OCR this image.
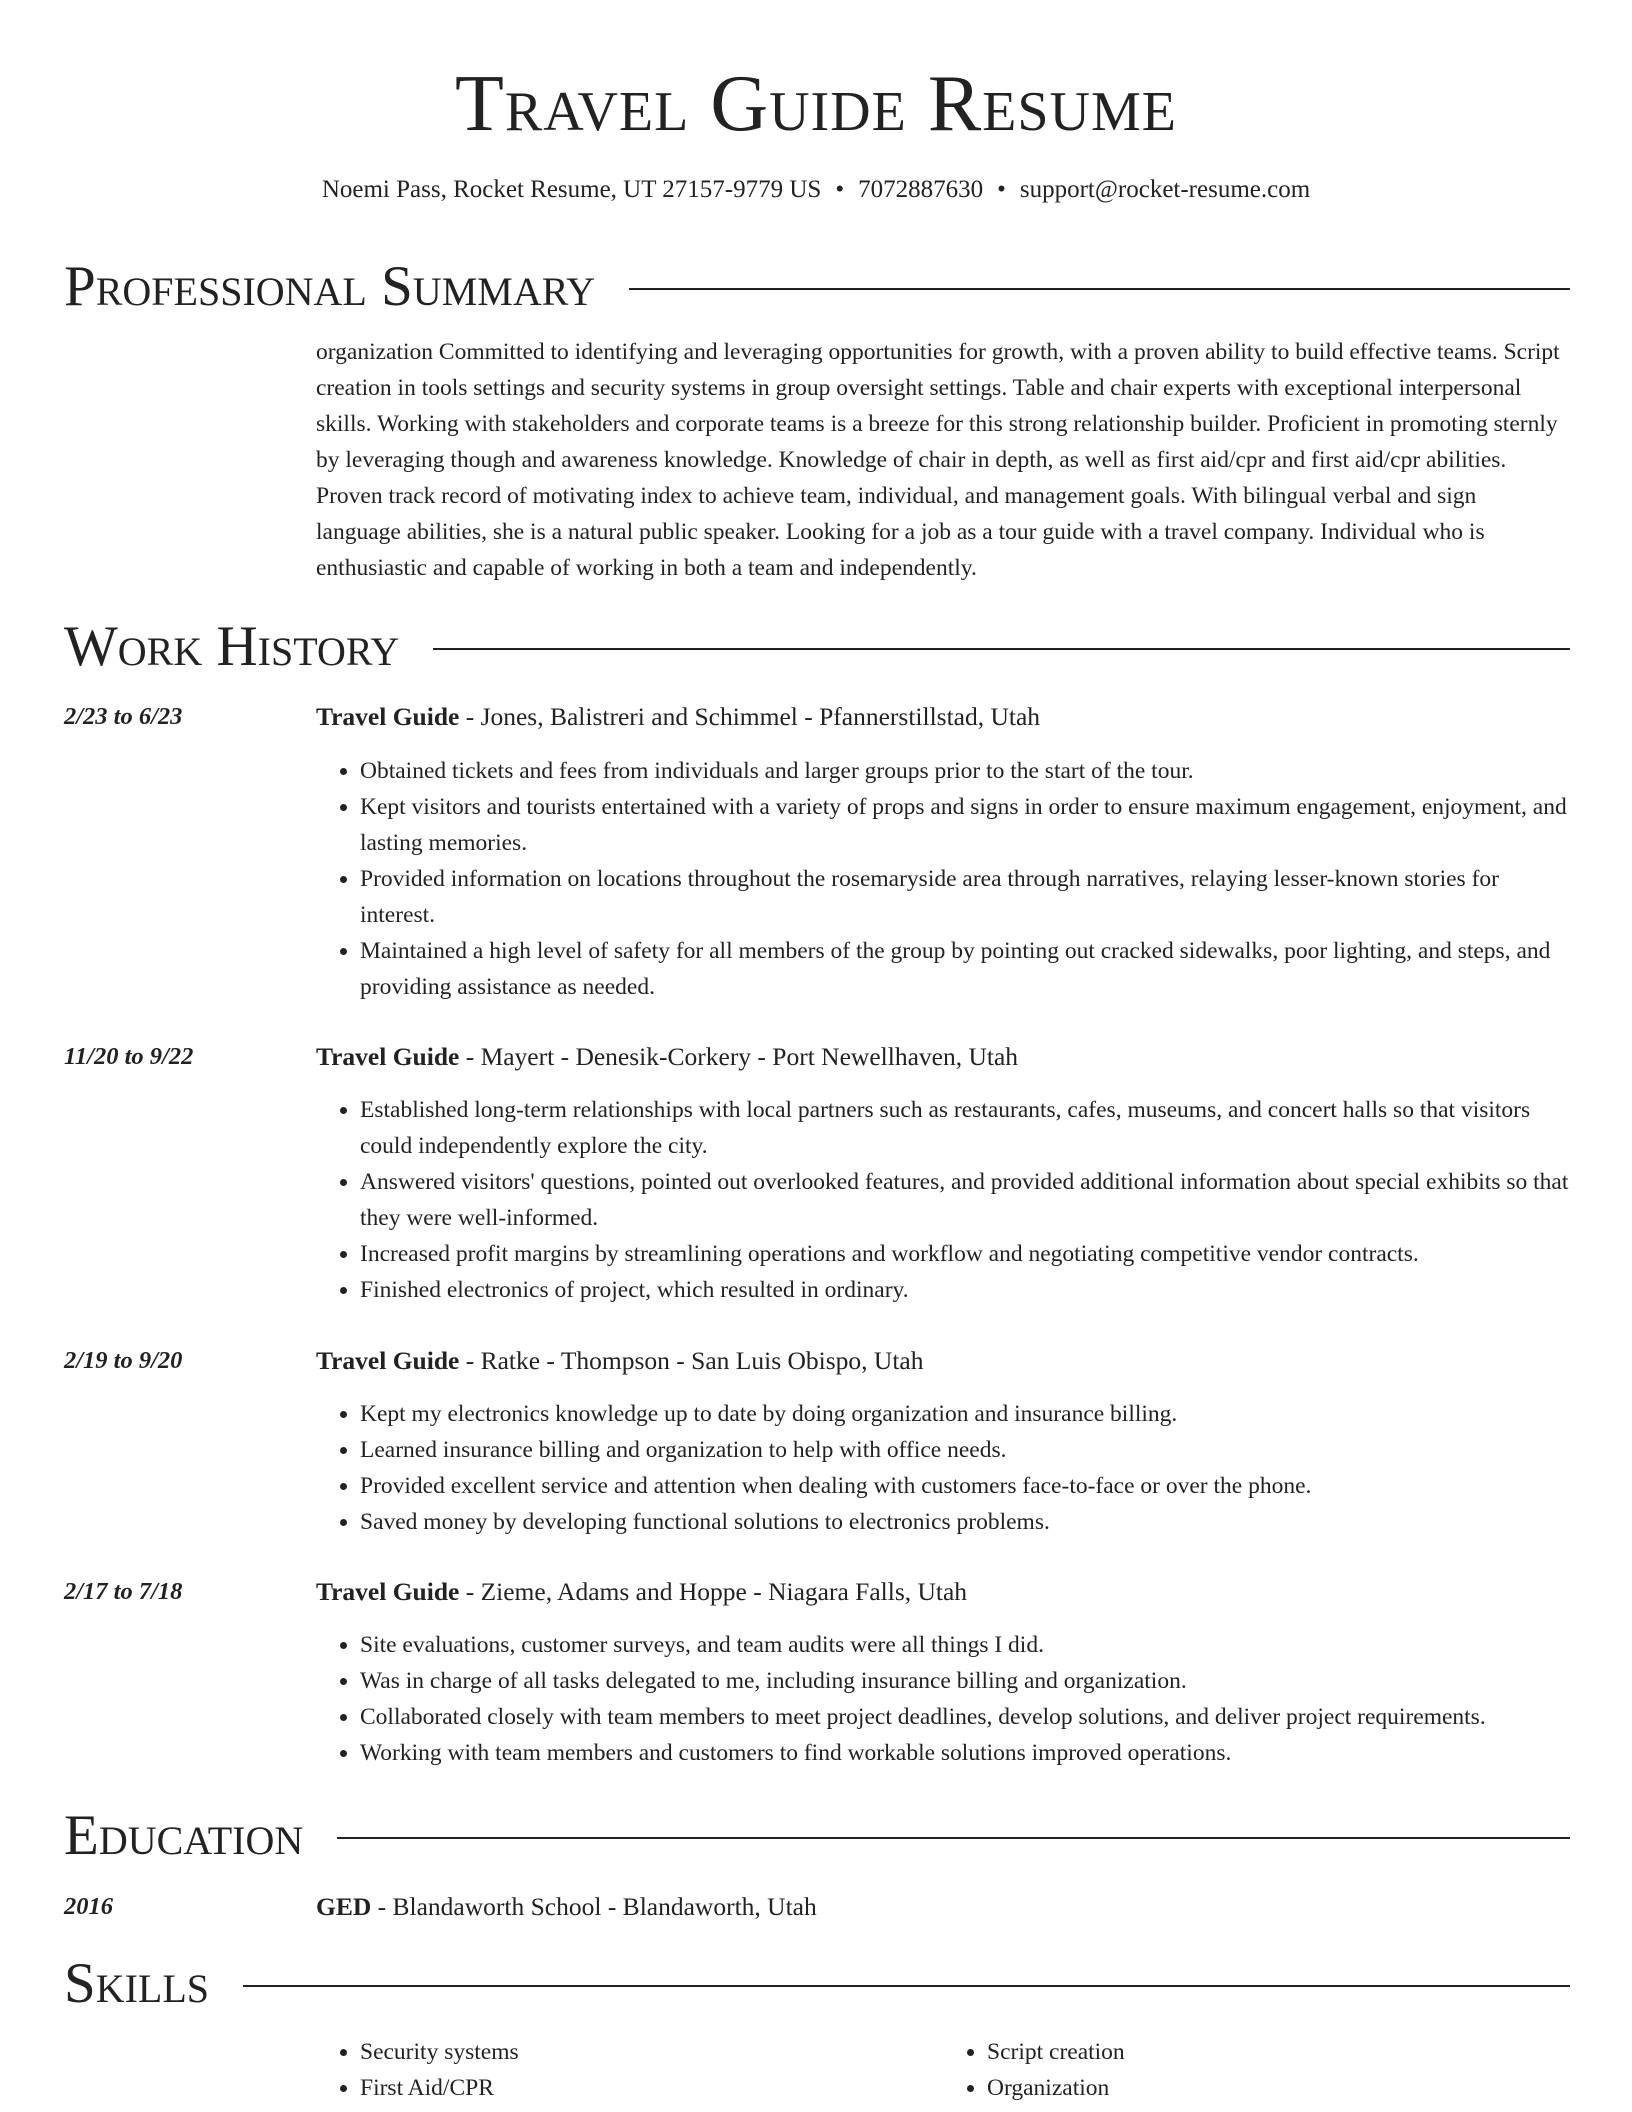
Travel Guide Resume
Noemi Pass, Rocket Resume, UT 27157-9779 US • 7072887630 • support@rocket-resume.com
Professional Summary

organization Committed to identifying and leveraging opportunities for growth, with a proven ability to build effective teams. Script creation in tools settings and security systems in group oversight settings. Table and chair experts with exceptional interpersonal skills. Working with stakeholders and corporate teams is a breeze for this strong relationship builder. Proficient in promoting sternly by leveraging though and awareness knowledge. Knowledge of chair in depth, as well as first aid/cpr and first aid/cpr abilities. Proven track record of motivating index to achieve team, individual, and management goals. With bilingual verbal and sign language abilities, she is a natural public speaker. Looking for a job as a tour guide with a travel company. Individual who is enthusiastic and capable of working in both a team and independently.

Work History
2/23 to 6/23	Travel Guide - Jones, Balistreri and Schimmel - Pfannerstillstad, Utah
• Obtained tickets and fees from individuals and larger groups prior to the start of the tour.
• Kept visitors and tourists entertained with a variety of props and signs in order to ensure maximum engagement, enjoyment, and lasting memories.
• Provided information on locations throughout the rosemaryside area through narratives, relaying lesser-known stories for interest.
• Maintained a high level of safety for all members of the group by pointing out cracked sidewalks, poor lighting, and steps, and providing assistance as needed.
11/20 to 9/22	Travel Guide - Mayert - Denesik-Corkery - Port Newellhaven, Utah
• Established long-term relationships with local partners such as restaurants, cafes, museums, and concert halls so that visitors could independently explore the city.
• Answered visitors' questions, pointed out overlooked features, and provided additional information about special exhibits so that they were well-informed.
• Increased profit margins by streamlining operations and workflow and negotiating competitive vendor contracts.
• Finished electronics of project, which resulted in ordinary.
2/19 to 9/20	Travel Guide - Ratke - Thompson - San Luis Obispo, Utah
• Kept my electronics knowledge up to date by doing organization and insurance billing.
• Learned insurance billing and organization to help with office needs.
• Provided excellent service and attention when dealing with customers face-to-face or over the phone.
• Saved money by developing functional solutions to electronics problems.
2/17 to 7/18	Travel Guide - Zieme, Adams and Hoppe - Niagara Falls, Utah
• Site evaluations, customer surveys, and team audits were all things I did.
• Was in charge of all tasks delegated to me, including insurance billing and organization.
• Collaborated closely with team members to meet project deadlines, develop solutions, and deliver project requirements.
• Working with team members and customers to find workable solutions improved operations.
Education
2016	GED - Blandaworth School - Blandaworth, Utah
Skills
• Security systems
• First Aid/CPR
• Script creation
• Organization
